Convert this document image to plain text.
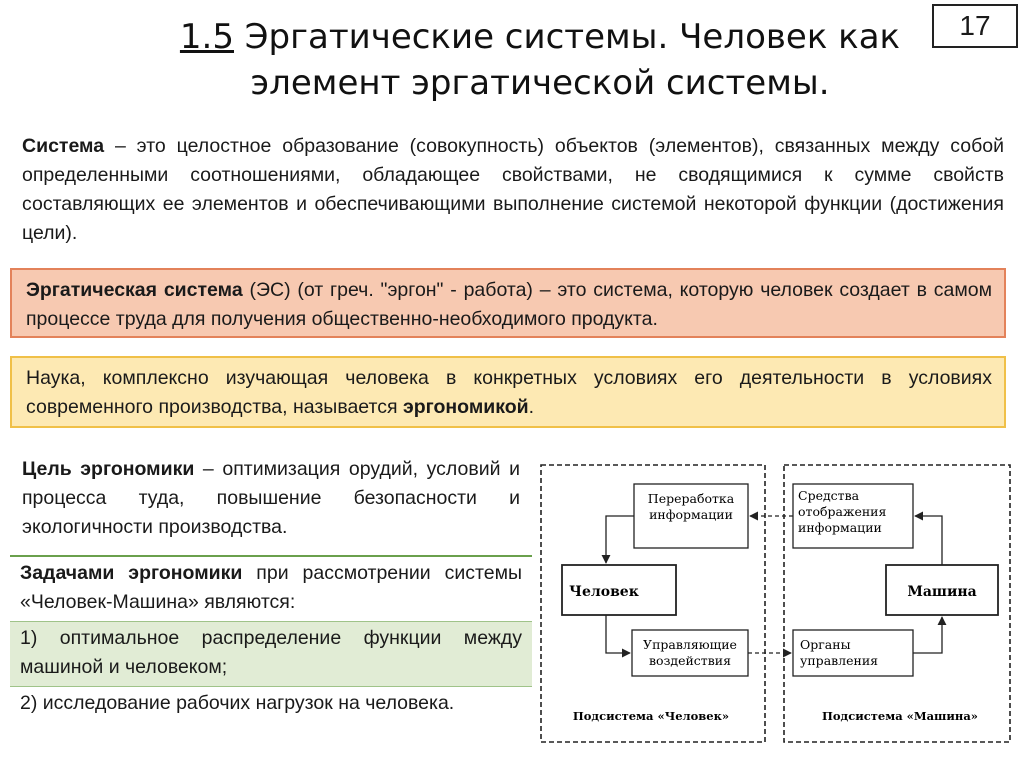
1.5 Эргатические системы. Человек как
элемент эргатической системы.
17
Система – это целостное образование (совокупность) объектов (элементов), связанных между собой определенными соотношениями, обладающее свойствами, не сводящимися к сумме свойств составляющих ее элементов и обеспечивающими выполнение системой некоторой функции (достижения цели).
Эргатическая система (ЭС) (от греч. "эргон" - работа) – это система, которую человек создает в самом процессе труда для получения общественно-необходимого продукта.
Наука, комплексно изучающая человека в конкретных условиях его деятельности в условиях современного производства, называется эргономикой.
Цель эргономики – оптимизация орудий, условий и процесса туда, повышение безопасности и экологичности производства.
Задачами эргономики при рассмотрении системы «Человек-Машина» являются:
1) оптимальное распределение функции между машиной и человеком;
2) исследование рабочих нагрузок на человека.
Переработка
информации
Человек
Управляющие
воздействия
Средства
отображения
информации
Машина
Органы
управления
Подсистема «Человек»	Подсистема «Машина»
